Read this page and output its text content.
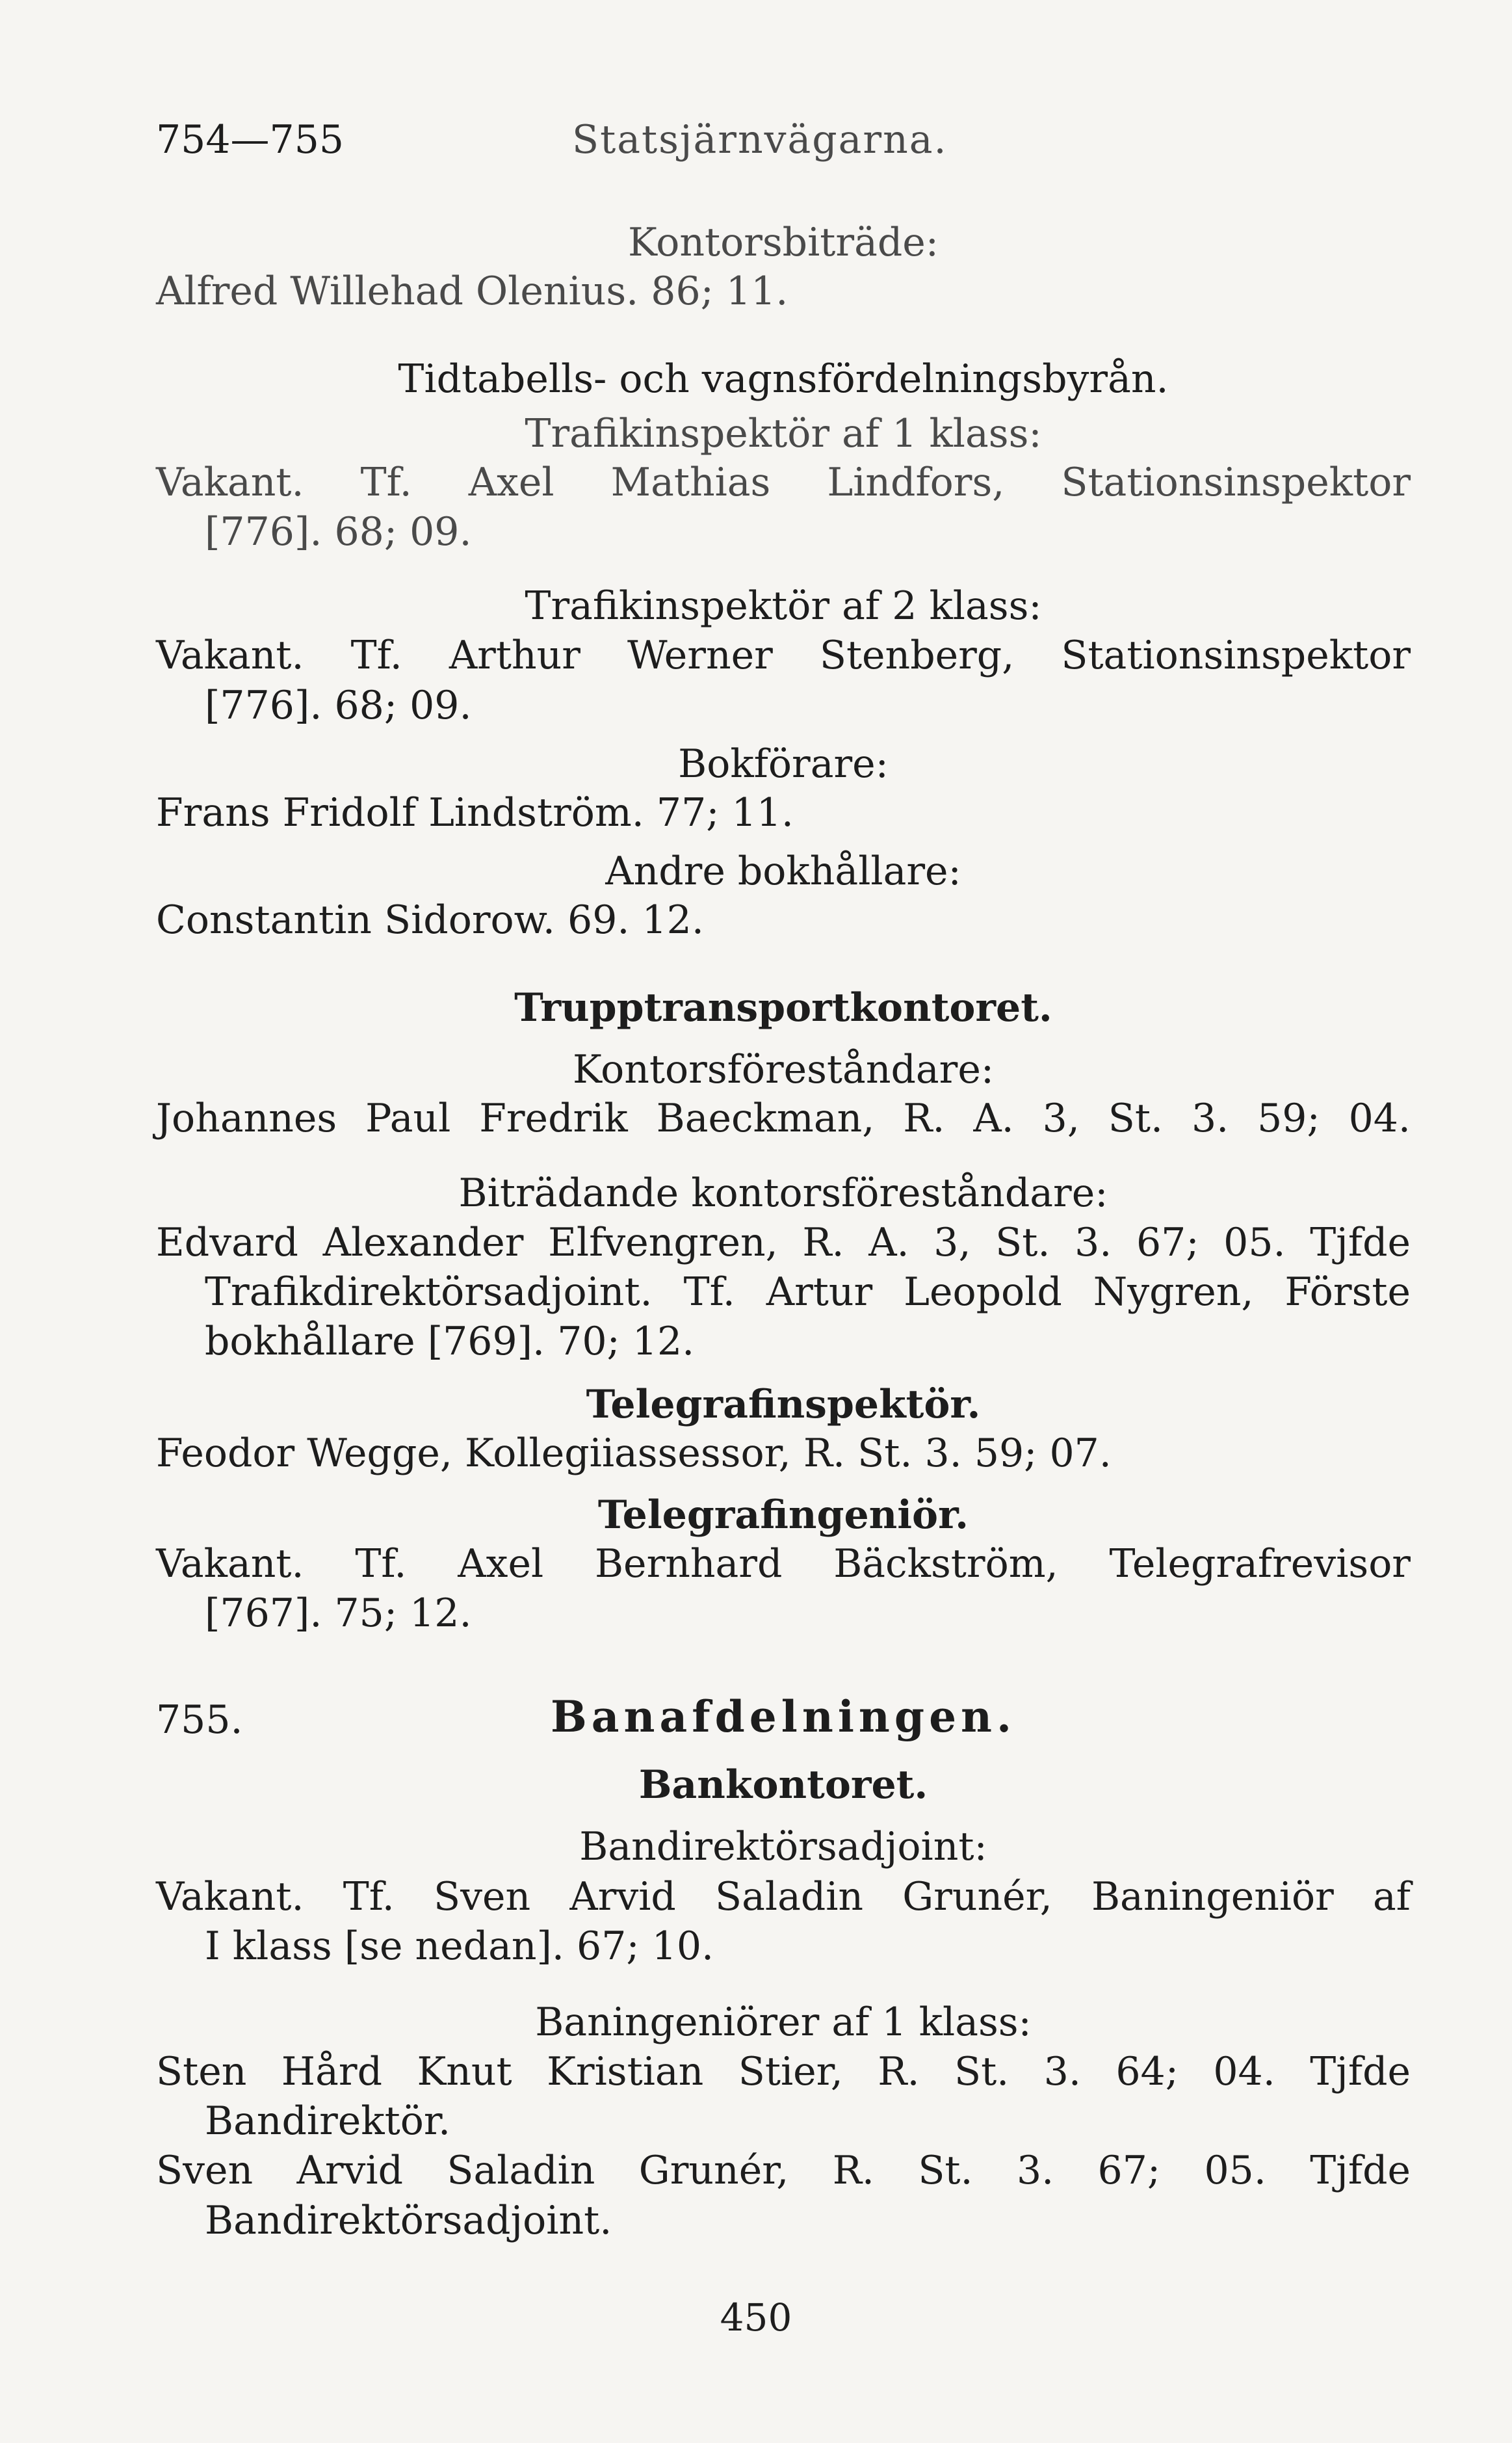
754—755	Statsjärnvägarna.
Kontorsbiträde:
Alfred Willehad Olenius. 86; 11.
Tidtabells- och vagnsfördelningsbyrån.
Trafikinspektör af 1 klass:
Vakant. Tf. Axel Mathias Lindfors, Stationsinspektor
[776]. 68; 09.
Trafikinspektör af 2 klass:
Vakant. Tf. Arthur Werner Stenberg, Stationsinspektor
[776]. 68; 09.
Bokförare:
Frans Fridolf Lindström. 77; 11.
Andre bokhållare:
Constantin Sidorow. 69. 12.
Trupptransportkontoret.
Kontorsföreståndare:
Johannes Paul Fredrik Baeckman, R. A. 3, St. 3. 59; 04.
Biträdande kontorsföreståndare:
Edvard Alexander Elfvengren, R. A. 3, St. 3. 67; 05. Tjfde
Trafikdirektörsadjoint. Tf. Artur Leopold Nygren, Förste
bokhållare [769]. 70; 12.
Telegrafinspektör.
Feodor Wegge, Kollegiiassessor, R. St. 3. 59; 07.
Telegrafingeniör.
Vakant. Tf. Axel Bernhard Bäckström, Telegrafrevisor
[767]. 75; 12.
755.	Banafdelningen.
Bankontoret.
Bandirektörsadjoint:
Vakant. Tf. Sven Arvid Saladin Grunér, Baningeniör af
I klass [se nedan]. 67; 10.
Baningeniörer af 1 klass:
Sten Hård Knut Kristian Stier, R. St. 3. 64; 04. Tjfde
Bandirektör.
Sven Arvid Saladin Grunér, R. St. 3. 67; 05. Tjfde
Bandirektörsadjoint.
450
